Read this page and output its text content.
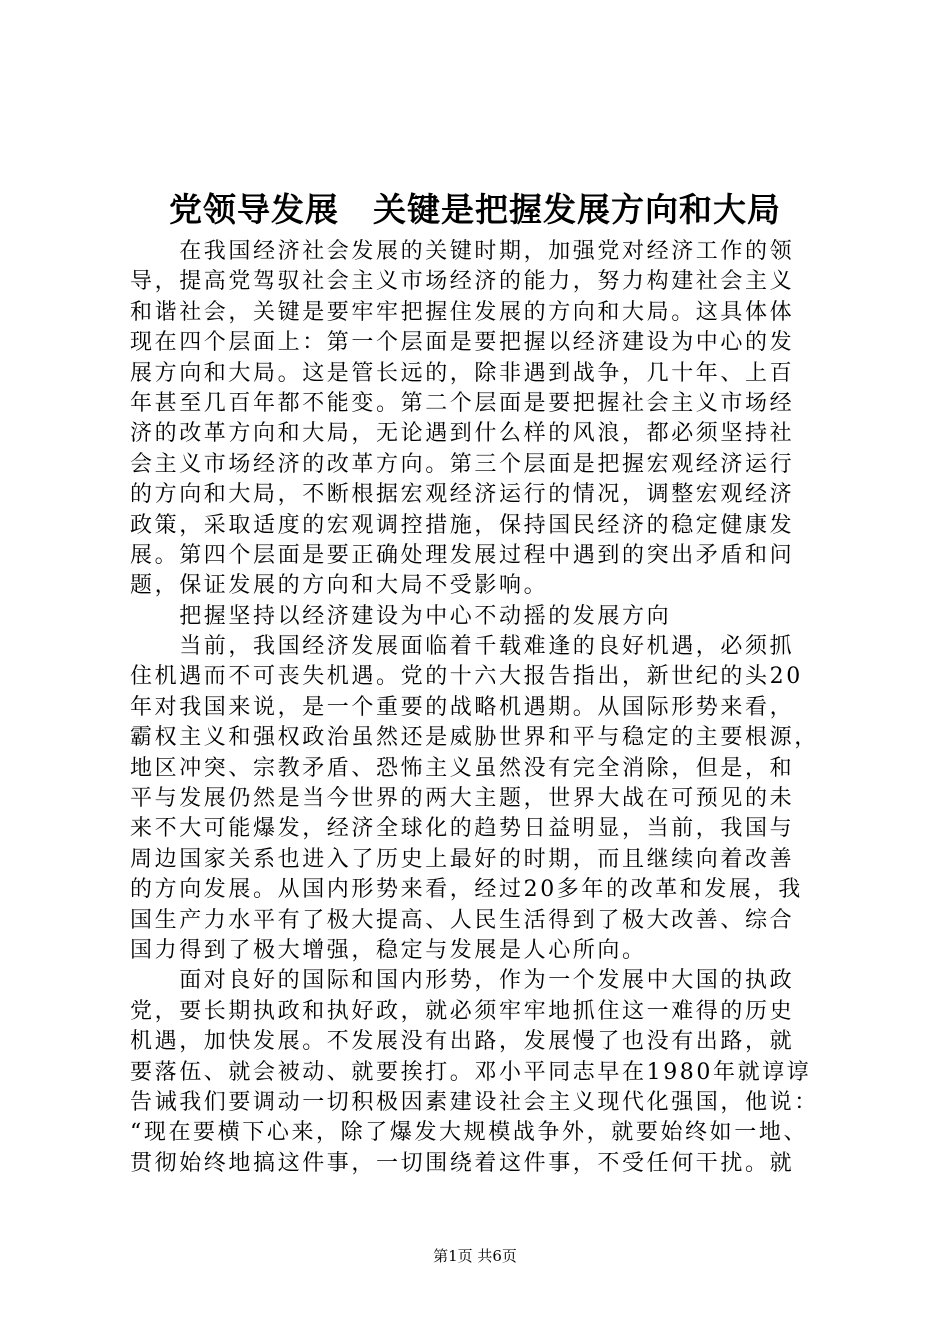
党领导发展　关键是把握发展方向和大局
　　在我国经济社会发展的关键时期，加强党对经济工作的领
导，提高党驾驭社会主义市场经济的能力，努力构建社会主义
和谐社会，关键是要牢牢把握住发展的方向和大局。这具体体
现在四个层面上：第一个层面是要把握以经济建设为中心的发
展方向和大局。这是管长远的，除非遇到战争，几十年、上百
年甚至几百年都不能变。第二个层面是要把握社会主义市场经
济的改革方向和大局，无论遇到什么样的风浪，都必须坚持社
会主义市场经济的改革方向。第三个层面是把握宏观经济运行
的方向和大局，不断根据宏观经济运行的情况，调整宏观经济
政策，采取适度的宏观调控措施，保持国民经济的稳定健康发
展。第四个层面是要正确处理发展过程中遇到的突出矛盾和问
题，保证发展的方向和大局不受影响。
　　把握坚持以经济建设为中心不动摇的发展方向
　　当前，我国经济发展面临着千载难逢的良好机遇，必须抓
住机遇而不可丧失机遇。党的十六大报告指出，新世纪的头20
年对我国来说，是一个重要的战略机遇期。从国际形势来看，
霸权主义和强权政治虽然还是威胁世界和平与稳定的主要根源，
地区冲突、宗教矛盾、恐怖主义虽然没有完全消除，但是，和
平与发展仍然是当今世界的两大主题，世界大战在可预见的未
来不大可能爆发，经济全球化的趋势日益明显，当前，我国与
周边国家关系也进入了历史上最好的时期，而且继续向着改善
的方向发展。从国内形势来看，经过20多年的改革和发展，我
国生产力水平有了极大提高、人民生活得到了极大改善、综合
国力得到了极大增强，稳定与发展是人心所向。
　　面对良好的国际和国内形势，作为一个发展中大国的执政
党，要长期执政和执好政，就必须牢牢地抓住这一难得的历史
机遇，加快发展。不发展没有出路，发展慢了也没有出路，就
要落伍、就会被动、就要挨打。邓小平同志早在1980年就谆谆
告诫我们要调动一切积极因素建设社会主义现代化强国，他说：
“现在要横下心来，除了爆发大规模战争外，就要始终如一地、
贯彻始终地搞这件事，一切围绕着这件事，不受任何干扰。就
第1页 共6页
